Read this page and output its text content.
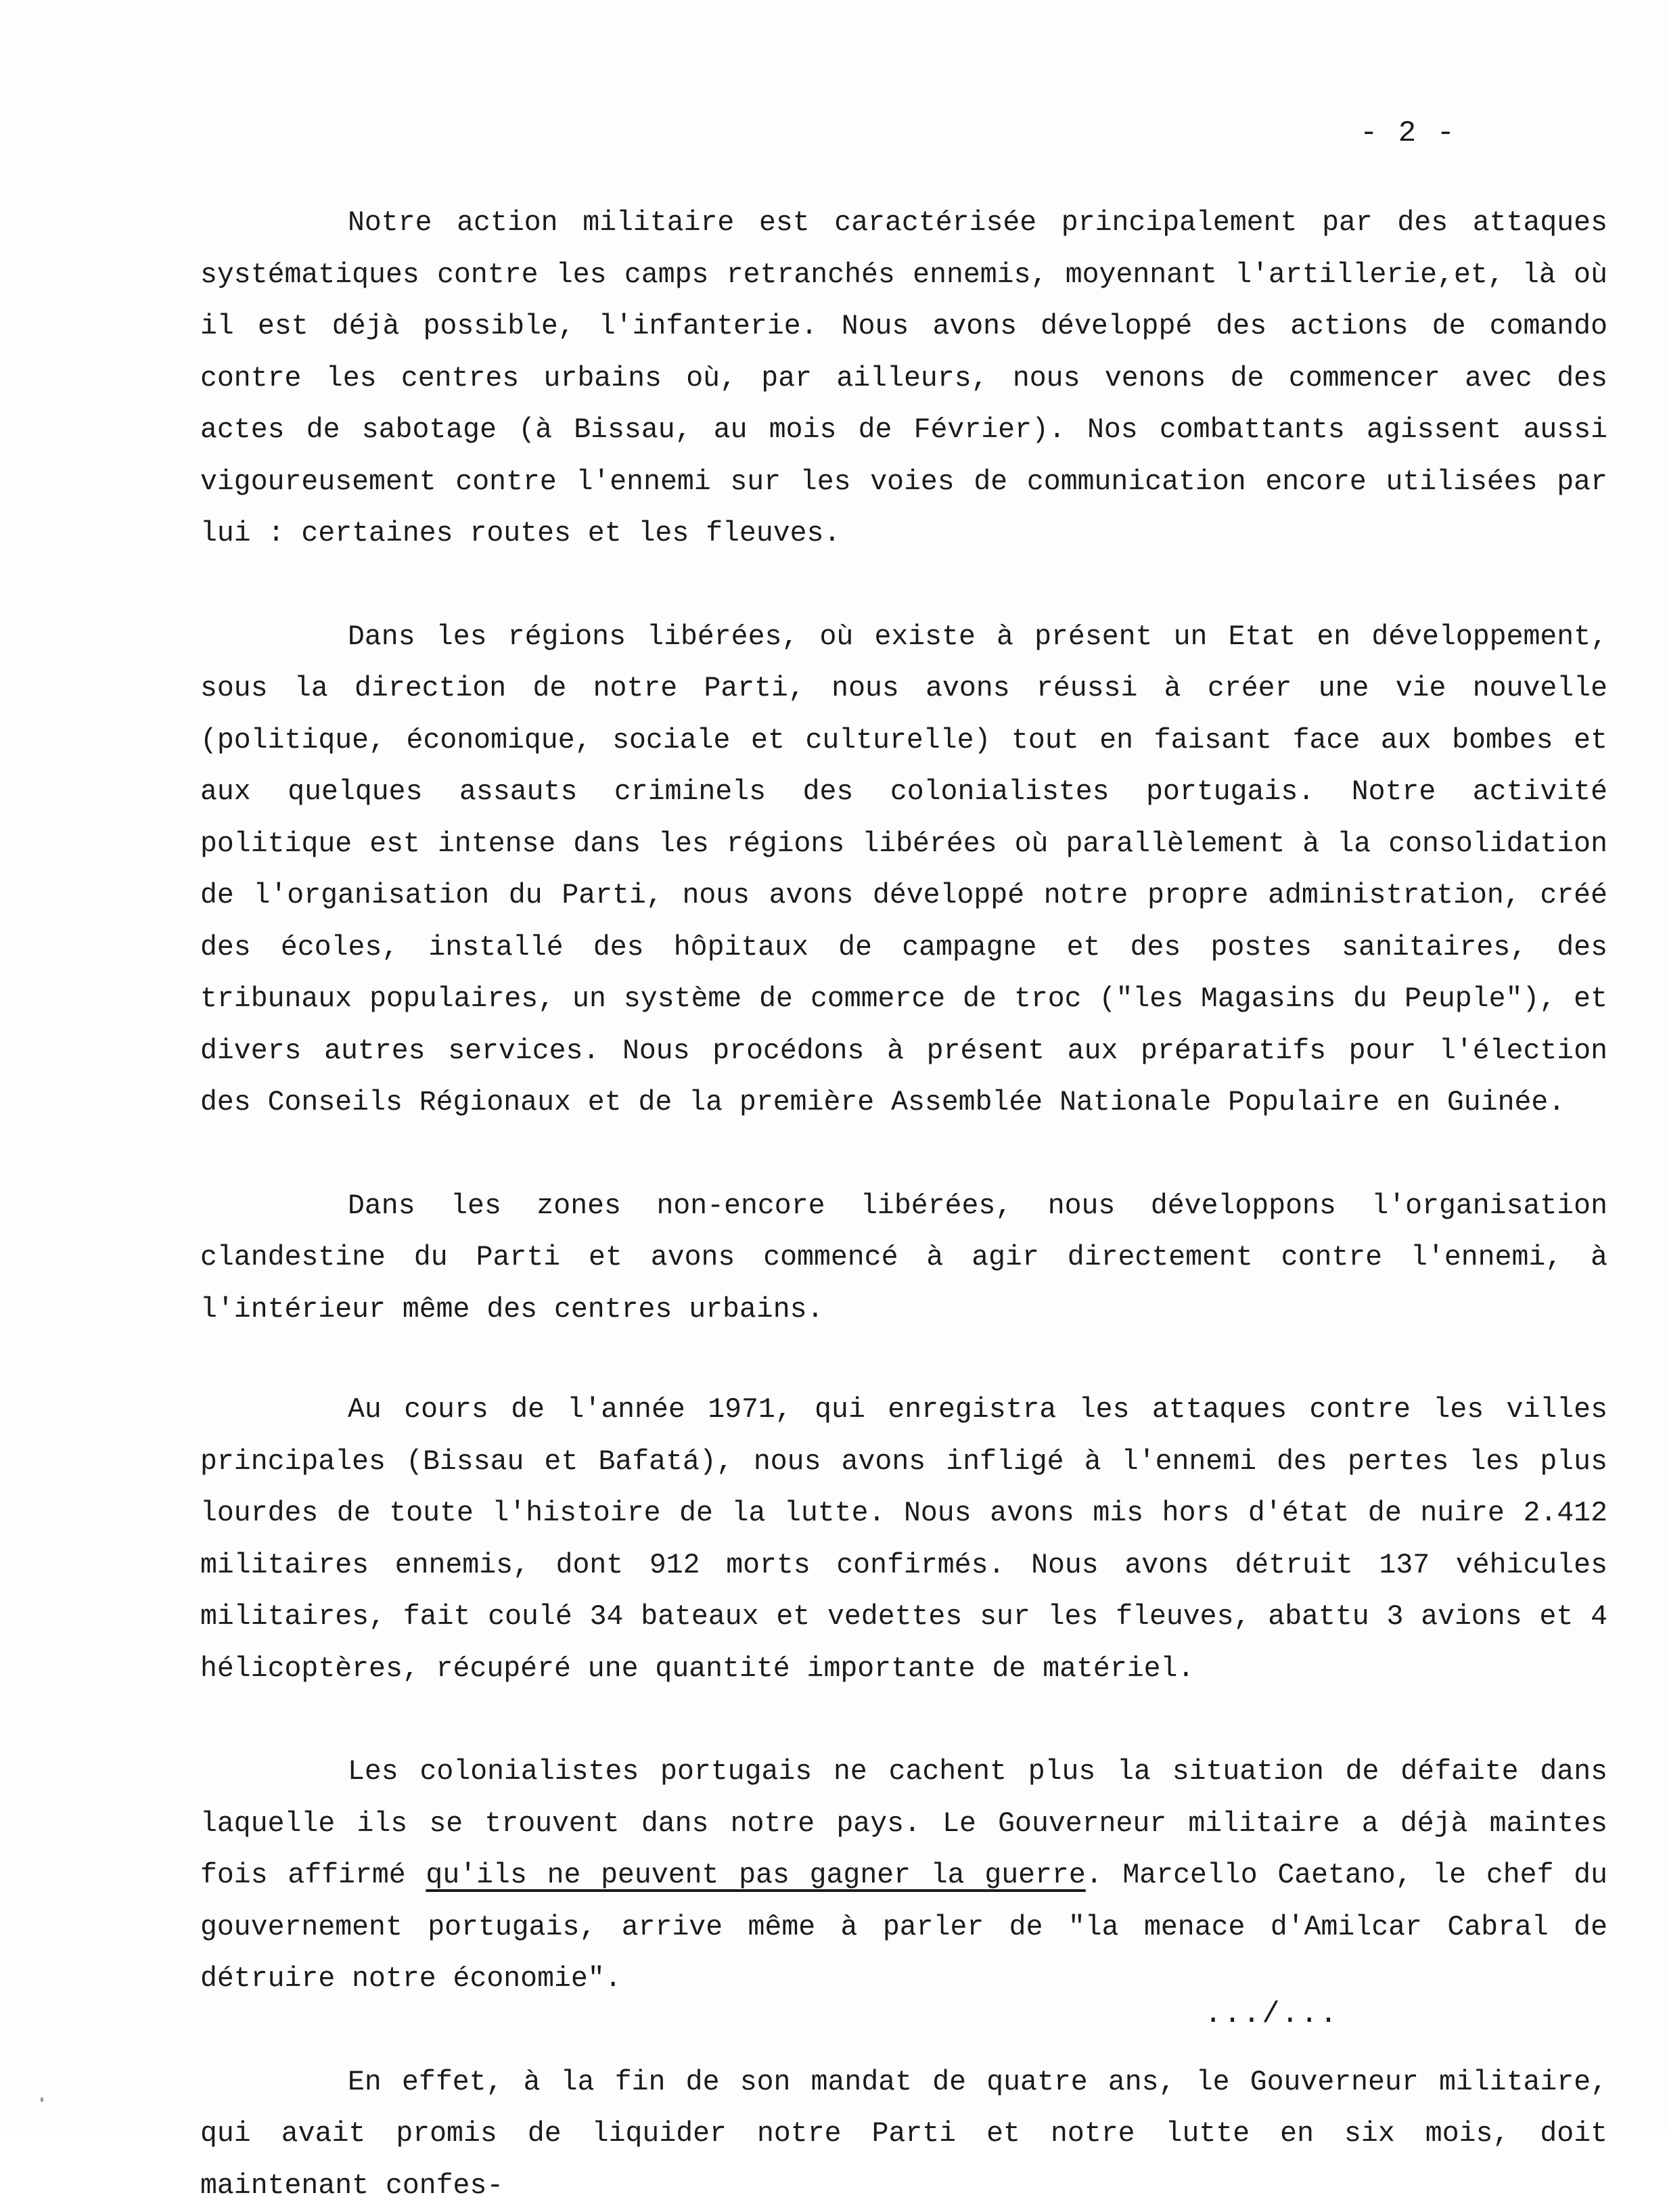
- 2 -

Notre action militaire est caractérisée principalement par des attaques systématiques contre les camps retranchés ennemis, moyennant l'artillerie,et, là où il est déjà possible, l'infanterie. Nous avons développé des actions de comando contre les centres urbains où, par ailleurs, nous venons de commencer avec des actes de sabotage (à Bissau, au mois de Février). Nos combattants agissent aussi vigoureusement contre l'ennemi sur les voies de communication encore utilisées par lui : certaines routes et les fleuves.

Dans les régions libérées, où existe à présent un Etat en développement, sous la direction de notre Parti, nous avons réussi à créer une vie nouvelle (politique, économique, sociale et culturelle) tout en faisant face aux bombes et aux quelques assauts criminels des colonialistes portugais. Notre activité politique est intense dans les régions libérées où parallèlement à la consolidation de l'organisation du Parti, nous avons développé notre propre administration, créé des écoles, installé des hôpitaux de campagne et des postes sanitaires, des tribunaux populaires, un système de commerce de troc ("les Magasins du Peuple"), et divers autres services. Nous procédons à présent aux préparatifs pour l'élection des Conseils Régionaux et de la première Assemblée Nationale Populaire en Guinée.

Dans les zones non-encore libérées, nous développons l'organisation clandestine du Parti et avons commencé à agir directement contre l'ennemi, à l'intérieur même des centres urbains.

Au cours de l'année 1971, qui enregistra les attaques contre les villes principales (Bissau et Bafatá), nous avons infligé à l'ennemi des pertes les plus lourdes de toute l'histoire de la lutte. Nous avons mis hors d'état de nuire 2.412 militaires ennemis, dont 912 morts confirmés. Nous avons détruit 137 véhicules militaires, fait coulé 34 bateaux et vedettes sur les fleuves, abattu 3 avions et 4 hélicoptères, récupéré une quantité importante de matériel.

Les colonialistes portugais ne cachent plus la situation de défaite dans laquelle ils se trouvent dans notre pays. Le Gouverneur militaire a déjà maintes fois affirmé qu'ils ne peuvent pas gagner la guerre. Marcello Caetano, le chef du gouvernement portugais, arrive même à parler de "la menace d'Amilcar Cabral de détruire notre économie".

En effet, à la fin de son mandat de quatre ans, le Gouverneur militaire, qui avait promis de liquider notre Parti et notre lutte en six mois, doit maintenant confes-

.../...
